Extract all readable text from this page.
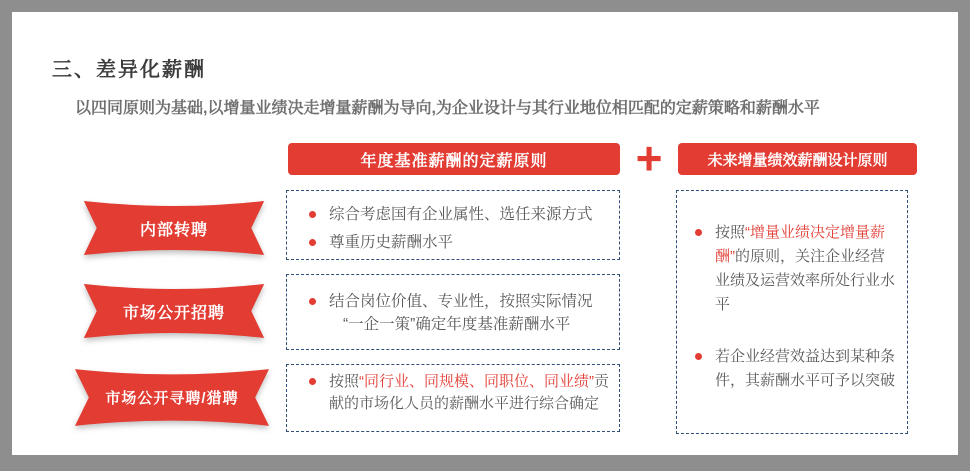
三、差异化薪酬

以四同原则为基础,以增量业绩决走增量薪酬为导向,为企业设计与其行业地位相匹配的定薪策略和薪酬水平

年度基准薪酬的定薪原则	+	未来增量绩效薪酬设计原则
内部转聘
市场公开招聘
市场公开寻聘/猎聘
综合考虑国有企业属性、选任来源方式
尊重历史薪酬水平
结合岗位价值、专业性，按照实际情况
“一企一策”确定年度基准薪酬水平
按照“同行业、同规模、同职位、同业绩”贡献的市场化人员的薪酬水平进行综合确定
按照“增量业绩决定增量薪酬”的原则，关注企业经营业绩及运营效率所处行业水平
若企业经营效益达到某种条件，其薪酬水平可予以突破
